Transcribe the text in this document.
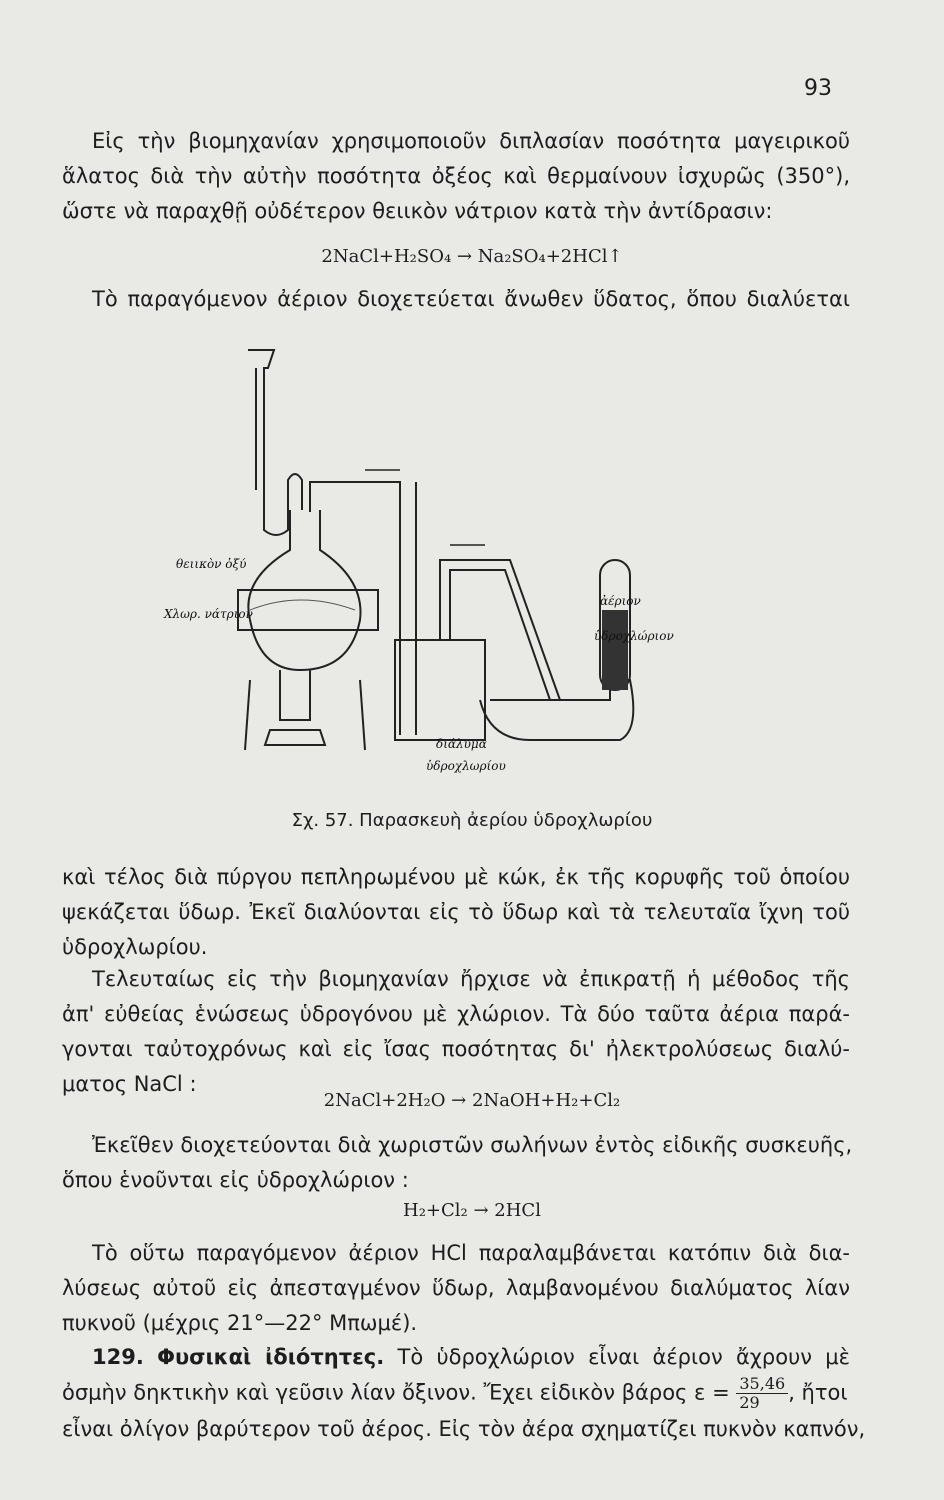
93
Εἰς τὴν βιομηχανίαν χρησιμοποιοῦν διπλασίαν ποσότητα μαγειρικοῦ
ἅλατος διὰ τὴν αὐτὴν ποσότητα ὀξέος καὶ θερμαίνουν ἰσχυρῶς (350°),
ὥστε νὰ παραχθῇ οὐδέτερον θειικὸν νάτριον κατὰ τὴν ἀντίδρασιν:
2NaCl+H₂SO₄ → Na₂SO₄+2HCl↑
Τὸ παραγόμενον ἀέριον διοχετεύεται ἄνωθεν ὕδατος, ὅπου διαλύεται
θειικὸν ὀξύ
Χλωρ. νάτριον
ἀέριον
ὑδροχλώριον
διάλυμα
ὑδροχλωρίου
Σχ. 57. Παρασκευὴ ἀερίου ὑδροχλωρίου
καὶ τέλος διὰ πύργου πεπληρωμένου μὲ κώκ, ἐκ τῆς κορυφῆς τοῦ ὁποίου
ψεκάζεται ὕδωρ. Ἐκεῖ διαλύονται εἰς τὸ ὕδωρ καὶ τὰ τελευταῖα ἴχνη τοῦ
ὑδροχλωρίου.
Τελευταίως εἰς τὴν βιομηχανίαν ἤρχισε νὰ ἐπικρατῇ ἡ μέθοδος τῆς
ἀπ' εὐθείας ἑνώσεως ὑδρογόνου μὲ χλώριον. Τὰ δύο ταῦτα ἀέρια παρά-
γονται ταὐτοχρόνως καὶ εἰς ἴσας ποσότητας δι' ἠλεκτρολύσεως διαλύ-
ματος NaCl :
2NaCl+2H₂O → 2NaOH+H₂+Cl₂
Ἐκεῖθεν διοχετεύονται διὰ χωριστῶν σωλήνων ἐντὸς εἰδικῆς συσκευῆς,
ὅπου ἑνοῦνται εἰς ὑδροχλώριον :
H₂+Cl₂ → 2HCl
Τὸ οὕτω παραγόμενον ἀέριον HCl παραλαμβάνεται κατόπιν διὰ δια-
λύσεως αὐτοῦ εἰς ἀπεσταγμένον ὕδωρ, λαμβανομένου διαλύματος λίαν
πυκνοῦ (μέχρις 21°—22° Μπωμέ).
129. Φυσικαὶ ἰδιότητες. Τὸ ὑδροχλώριον εἶναι ἀέριον ἄχρουν μὲ
ὀσμὴν δηκτικὴν καὶ γεῦσιν λίαν ὄξινον. Ἔχει εἰδικὸν βάρος $\varepsilon = \frac{35,46}{29}$ , ἤτοι
εἶναι ὀλίγον βαρύτερον τοῦ ἀέρος. Εἰς τὸν ἀέρα σχηματίζει πυκνὸν καπνόν,
